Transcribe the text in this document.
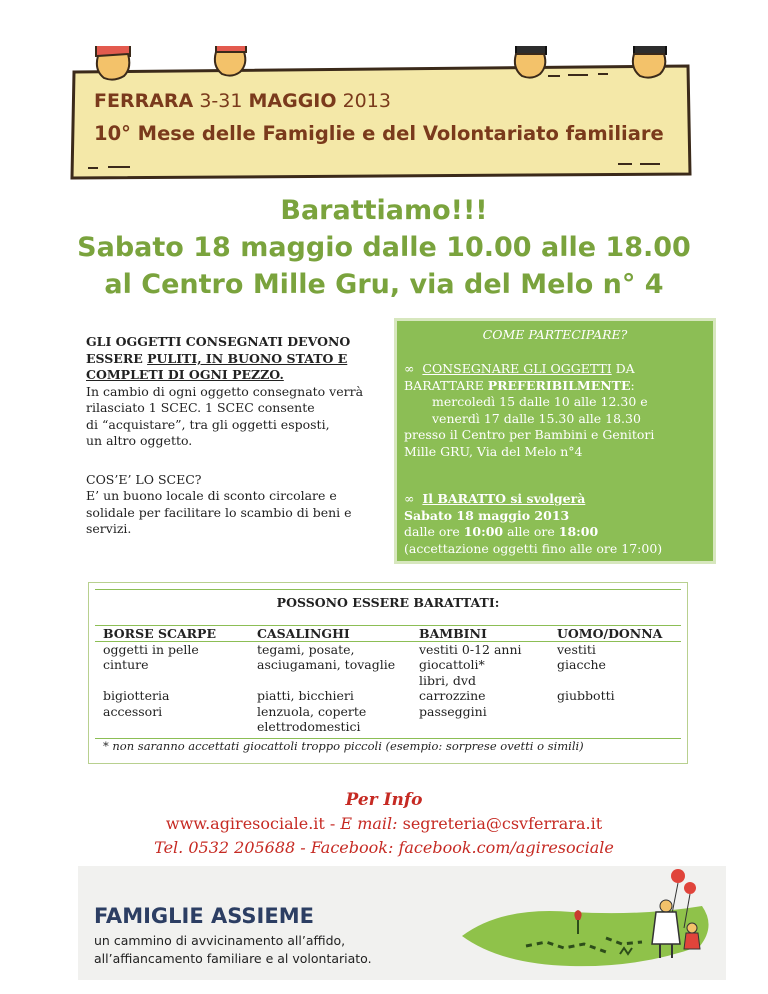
FERRARA 3-31 MAGGIO 2013
10° Mese delle Famiglie e del Volontariato familiare
Barattiamo!!!
Sabato 18 maggio dalle 10.00 alle 18.00
al Centro Mille Gru, via del Melo n° 4

GLI OGGETTI CONSEGNATI DEVONO

ESSERE PULITI, IN BUONO STATO E

COMPLETI DI OGNI PEZZO.

In cambio di ogni oggetto consegnato verrà

rilasciato 1 SCEC. 1 SCEC consente

di “acquistare”, tra gli oggetti esposti,

un altro oggetto.

COS’E’ LO SCEC?

E’ un buono locale di sconto circolare e

solidale per facilitare lo scambio di beni e

servizi.

COME PARTECIPARE?
∞ CONSEGNARE GLI OGGETTI DA
BARATTARE PREFERIBILMENTE:
mercoledì 15 dalle 10 alle 12.30 e
venerdì 17 dalle 15.30 alle 18.30
presso il Centro per Bambini e Genitori
Mille GRU, Via del Melo n°4
∞ Il BARATTO si svolgerà
Sabato 18 maggio 2013
dalle ore 10:00 alle ore 18:00
(accettazione oggetti fino alle ore 17:00)
POSSONO ESSERE BARATTATI:
BORSE SCARPE
oggetti in pelle
cinture

bigiotteria
accessori
CASALINGHI
tegami, posate,
asciugamani, tovaglie

piatti, bicchieri
lenzuola, coperte
elettrodomestici
BAMBINI
vestiti 0-12 anni
giocattoli*
libri, dvd
carrozzine
passeggini
UOMO/DONNA
vestiti
giacche

giubbotti
* non saranno accettati giocattoli troppo piccoli (esempio: sorprese ovetti o simili)
Per Info
www.agiresociale.it - E mail: segreteria@csvferrara.it
Tel. 0532 205688 - Facebook: facebook.com/agiresociale
FAMIGLIE ASSIEME
un cammino di avvicinamento all’affido,
all’affiancamento familiare e al volontariato.
